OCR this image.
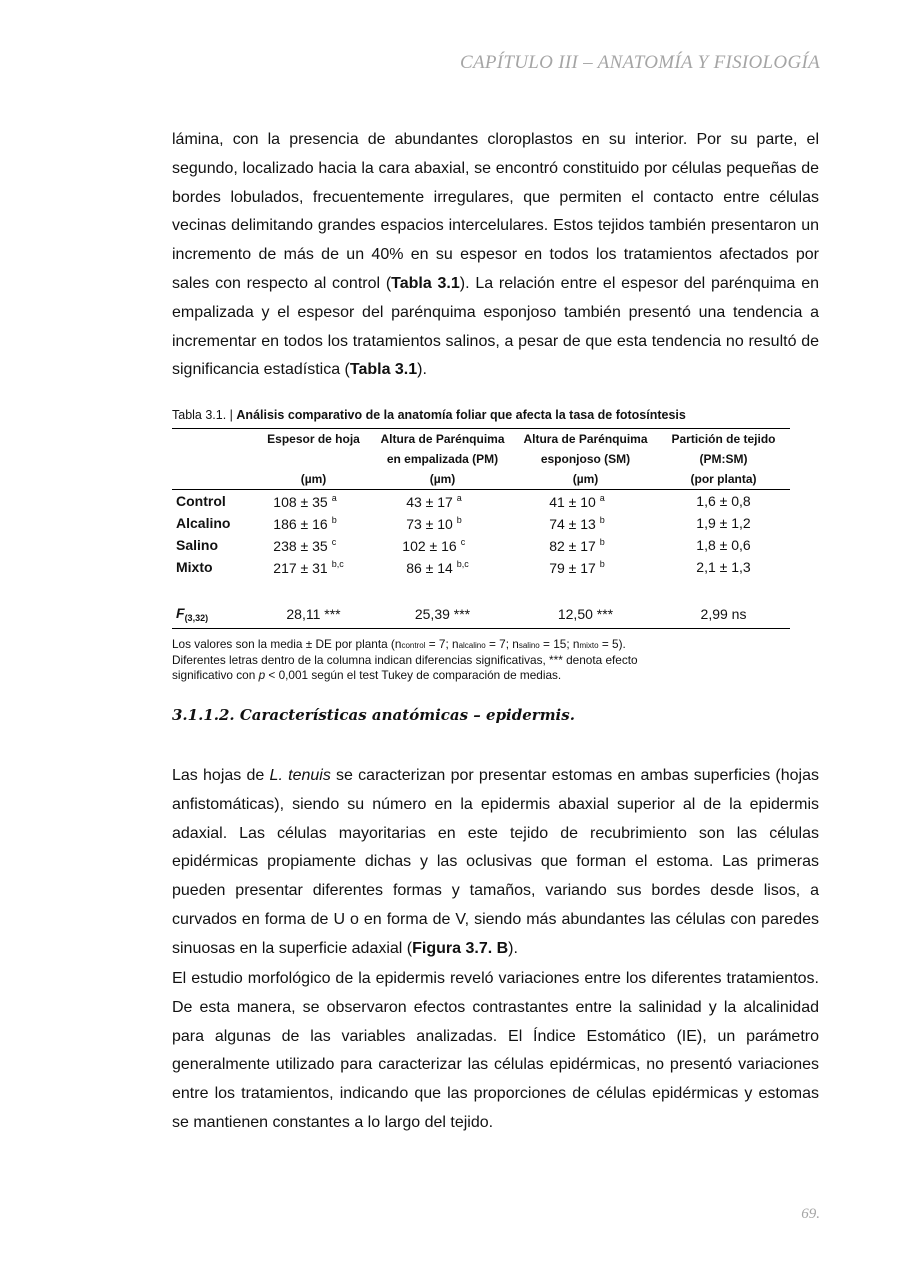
CAPÍTULO III – ANATOMÍA Y FISIOLOGÍA
lámina, con la presencia de abundantes cloroplastos en su interior. Por su parte, el segundo, localizado hacia la cara abaxial, se encontró constituido por células pequeñas de bordes lobulados, frecuentemente irregulares, que permiten el contacto entre células vecinas delimitando grandes espacios intercelulares. Estos tejidos también presentaron un incremento de más de un 40% en su espesor en todos los tratamientos afectados por sales con respecto al control (Tabla 3.1). La relación entre el espesor del parénquima en empalizada y el espesor del parénquima esponjoso también presentó una tendencia a incrementar en todos los tratamientos salinos, a pesar de que esta tendencia no resultó de significancia estadística (Tabla 3.1).
Tabla 3.1. | Análisis comparativo de la anatomía foliar que afecta la tasa de fotosíntesis
	Espesor de hoja	Altura de Parénquima	Altura de Parénquima	Partición de tejido
		en empalizada (PM)	esponjoso (SM)	(PM:SM)
	(µm)	(µm)	(µm)	(por planta)
Control	108 ± 35 a	43 ± 17 a	41 ± 10 a	1,6 ± 0,8
Alcalino	186 ± 16 b	73 ± 10 b	74 ± 13 b	1,9 ± 1,2
Salino	238 ± 35 c	102 ± 16 c	82 ± 17 b	1,8 ± 0,6
Mixto	217 ± 31 b,c	86 ± 14 b,c	79 ± 17 b	2,1 ± 1,3

$F_{(3,32)}$	28,11 ***	25,39 ***	12,50 ***	2,99 ns
Los valores son la media ± DE por planta (ncontrol = 7; nalcalino = 7; nsalino = 15; nmixto = 5).
Diferentes letras dentro de la columna indican diferencias significativas, *** denota efecto
significativo con p < 0,001 según el test Tukey de comparación de medias.
3.1.1.2. Características anatómicas – epidermis.
Las hojas de L. tenuis se caracterizan por presentar estomas en ambas superficies (hojas anfistomáticas), siendo su número en la epidermis abaxial superior al de la epidermis adaxial. Las células mayoritarias en este tejido de recubrimiento son las células epidérmicas propiamente dichas y las oclusivas que forman el estoma. Las primeras pueden presentar diferentes formas y tamaños, variando sus bordes desde lisos, a curvados en forma de U o en forma de V, siendo más abundantes las células con paredes sinuosas en la superficie adaxial (Figura 3.7. B).
El estudio morfológico de la epidermis reveló variaciones entre los diferentes tratamientos. De esta manera, se observaron efectos contrastantes entre la salinidad y la alcalinidad para algunas de las variables analizadas. El Índice Estomático (IE), un parámetro generalmente utilizado para caracterizar las células epidérmicas, no presentó variaciones entre los tratamientos, indicando que las proporciones de células epidérmicas y estomas se mantienen constantes a lo largo del tejido.
69.
